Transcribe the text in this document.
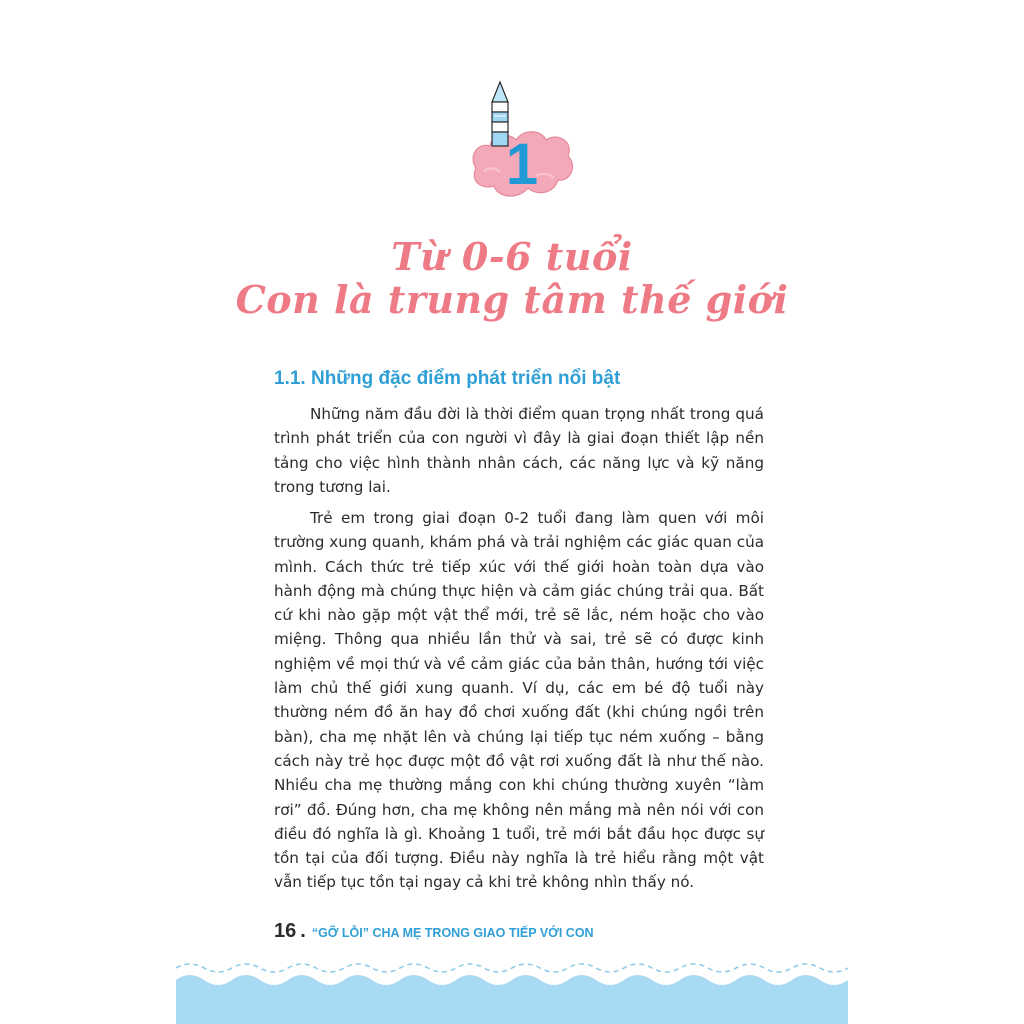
1
Từ 0-6 tuổi
Con là trung tâm thế giới
1.1. Những đặc điểm phát triển nổi bật

Những năm đầu đời là thời điểm quan trọng nhất trong quá trình phát triển của con người vì đây là giai đoạn thiết lập nền tảng cho việc hình thành nhân cách, các năng lực và kỹ năng trong tương lai.

Trẻ em trong giai đoạn 0-2 tuổi đang làm quen với môi trường xung quanh, khám phá và trải nghiệm các giác quan của mình. Cách thức trẻ tiếp xúc với thế giới hoàn toàn dựa vào hành động mà chúng thực hiện và cảm giác chúng trải qua. Bất cứ khi nào gặp một vật thể mới, trẻ sẽ lắc, ném hoặc cho vào miệng. Thông qua nhiều lần thử và sai, trẻ sẽ có được kinh nghiệm về mọi thứ và về cảm giác của bản thân, hướng tới việc làm chủ thế giới xung quanh. Ví dụ, các em bé độ tuổi này thường ném đồ ăn hay đồ chơi xuống đất (khi chúng ngồi trên bàn), cha mẹ nhặt lên và chúng lại tiếp tục ném xuống – bằng cách này trẻ học được một đồ vật rơi xuống đất là như thế nào. Nhiều cha mẹ thường mắng con khi chúng thường xuyên “làm rơi” đồ. Đúng hơn, cha mẹ không nên mắng mà nên nói với con điều đó nghĩa là gì. Khoảng 1 tuổi, trẻ mới bắt đầu học được sự tồn tại của đối tượng. Điều này nghĩa là trẻ hiểu rằng một vật vẫn tiếp tục tồn tại ngay cả khi trẻ không nhìn thấy nó.

16 . “GỠ LỖI” CHA MẸ TRONG GIAO TIẾP VỚI CON
